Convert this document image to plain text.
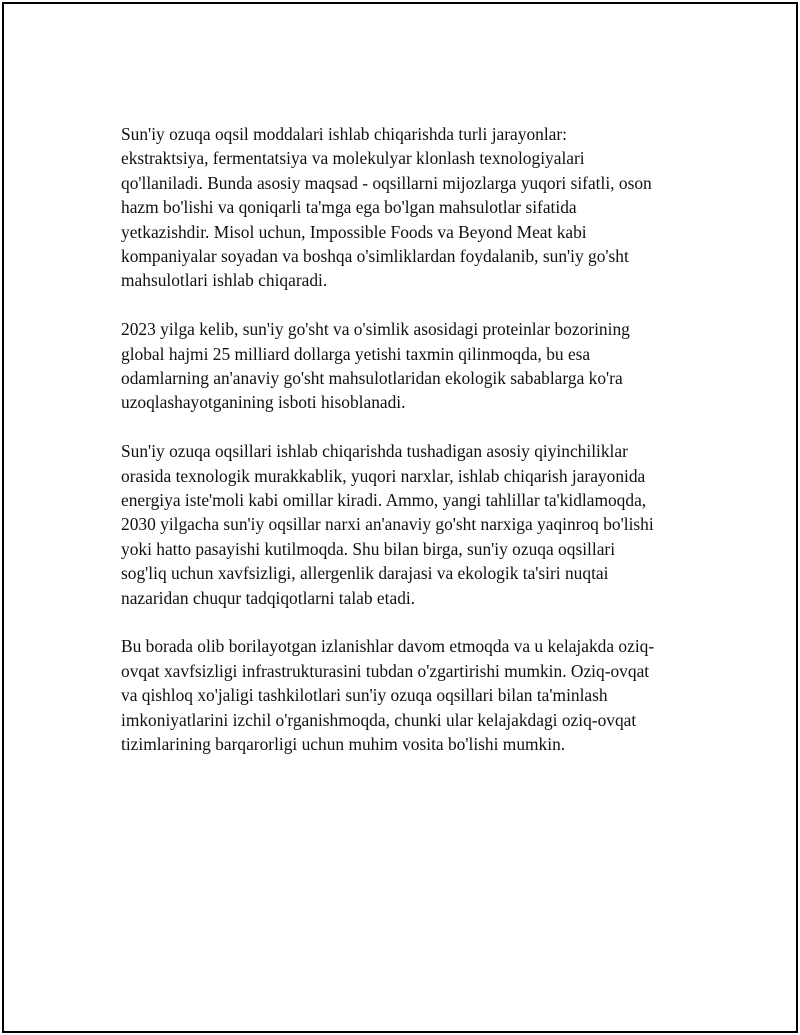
Sun'iy ozuqa oqsil moddalari ishlab chiqarishda turli jarayonlar:
ekstraktsiya, fermentatsiya va molekulyar klonlash texnologiyalari
qo'llaniladi. Bunda asosiy maqsad - oqsillarni mijozlarga yuqori sifatli, oson
hazm bo'lishi va qoniqarli ta'mga ega bo'lgan mahsulotlar sifatida
yetkazishdir. Misol uchun, Impossible Foods va Beyond Meat kabi
kompaniyalar soyadan va boshqa o'simliklardan foydalanib, sun'iy go'sht
mahsulotlari ishlab chiqaradi.

2023 yilga kelib, sun'iy go'sht va o'simlik asosidagi proteinlar bozorining
global hajmi 25 milliard dollarga yetishi taxmin qilinmoqda, bu esa
odamlarning an'anaviy go'sht mahsulotlaridan ekologik sabablarga ko'ra
uzoqlashayotganining isboti hisoblanadi.

Sun'iy ozuqa oqsillari ishlab chiqarishda tushadigan asosiy qiyinchiliklar
orasida texnologik murakkablik, yuqori narxlar, ishlab chiqarish jarayonida
energiya iste'moli kabi omillar kiradi. Ammo, yangi tahlillar ta'kidlamoqda,
2030 yilgacha sun'iy oqsillar narxi an'anaviy go'sht narxiga yaqinroq bo'lishi
yoki hatto pasayishi kutilmoqda. Shu bilan birga, sun'iy ozuqa oqsillari
sog'liq uchun xavfsizligi, allergenlik darajasi va ekologik ta'siri nuqtai
nazaridan chuqur tadqiqotlarni talab etadi.

Bu borada olib borilayotgan izlanishlar davom etmoqda va u kelajakda oziq-
ovqat xavfsizligi infrastrukturasini tubdan o'zgartirishi mumkin. Oziq-ovqat
va qishloq xo'jaligi tashkilotlari sun'iy ozuqa oqsillari bilan ta'minlash
imkoniyatlarini izchil o'rganishmoqda, chunki ular kelajakdagi oziq-ovqat
tizimlarining barqarorligi uchun muhim vosita bo'lishi mumkin.
